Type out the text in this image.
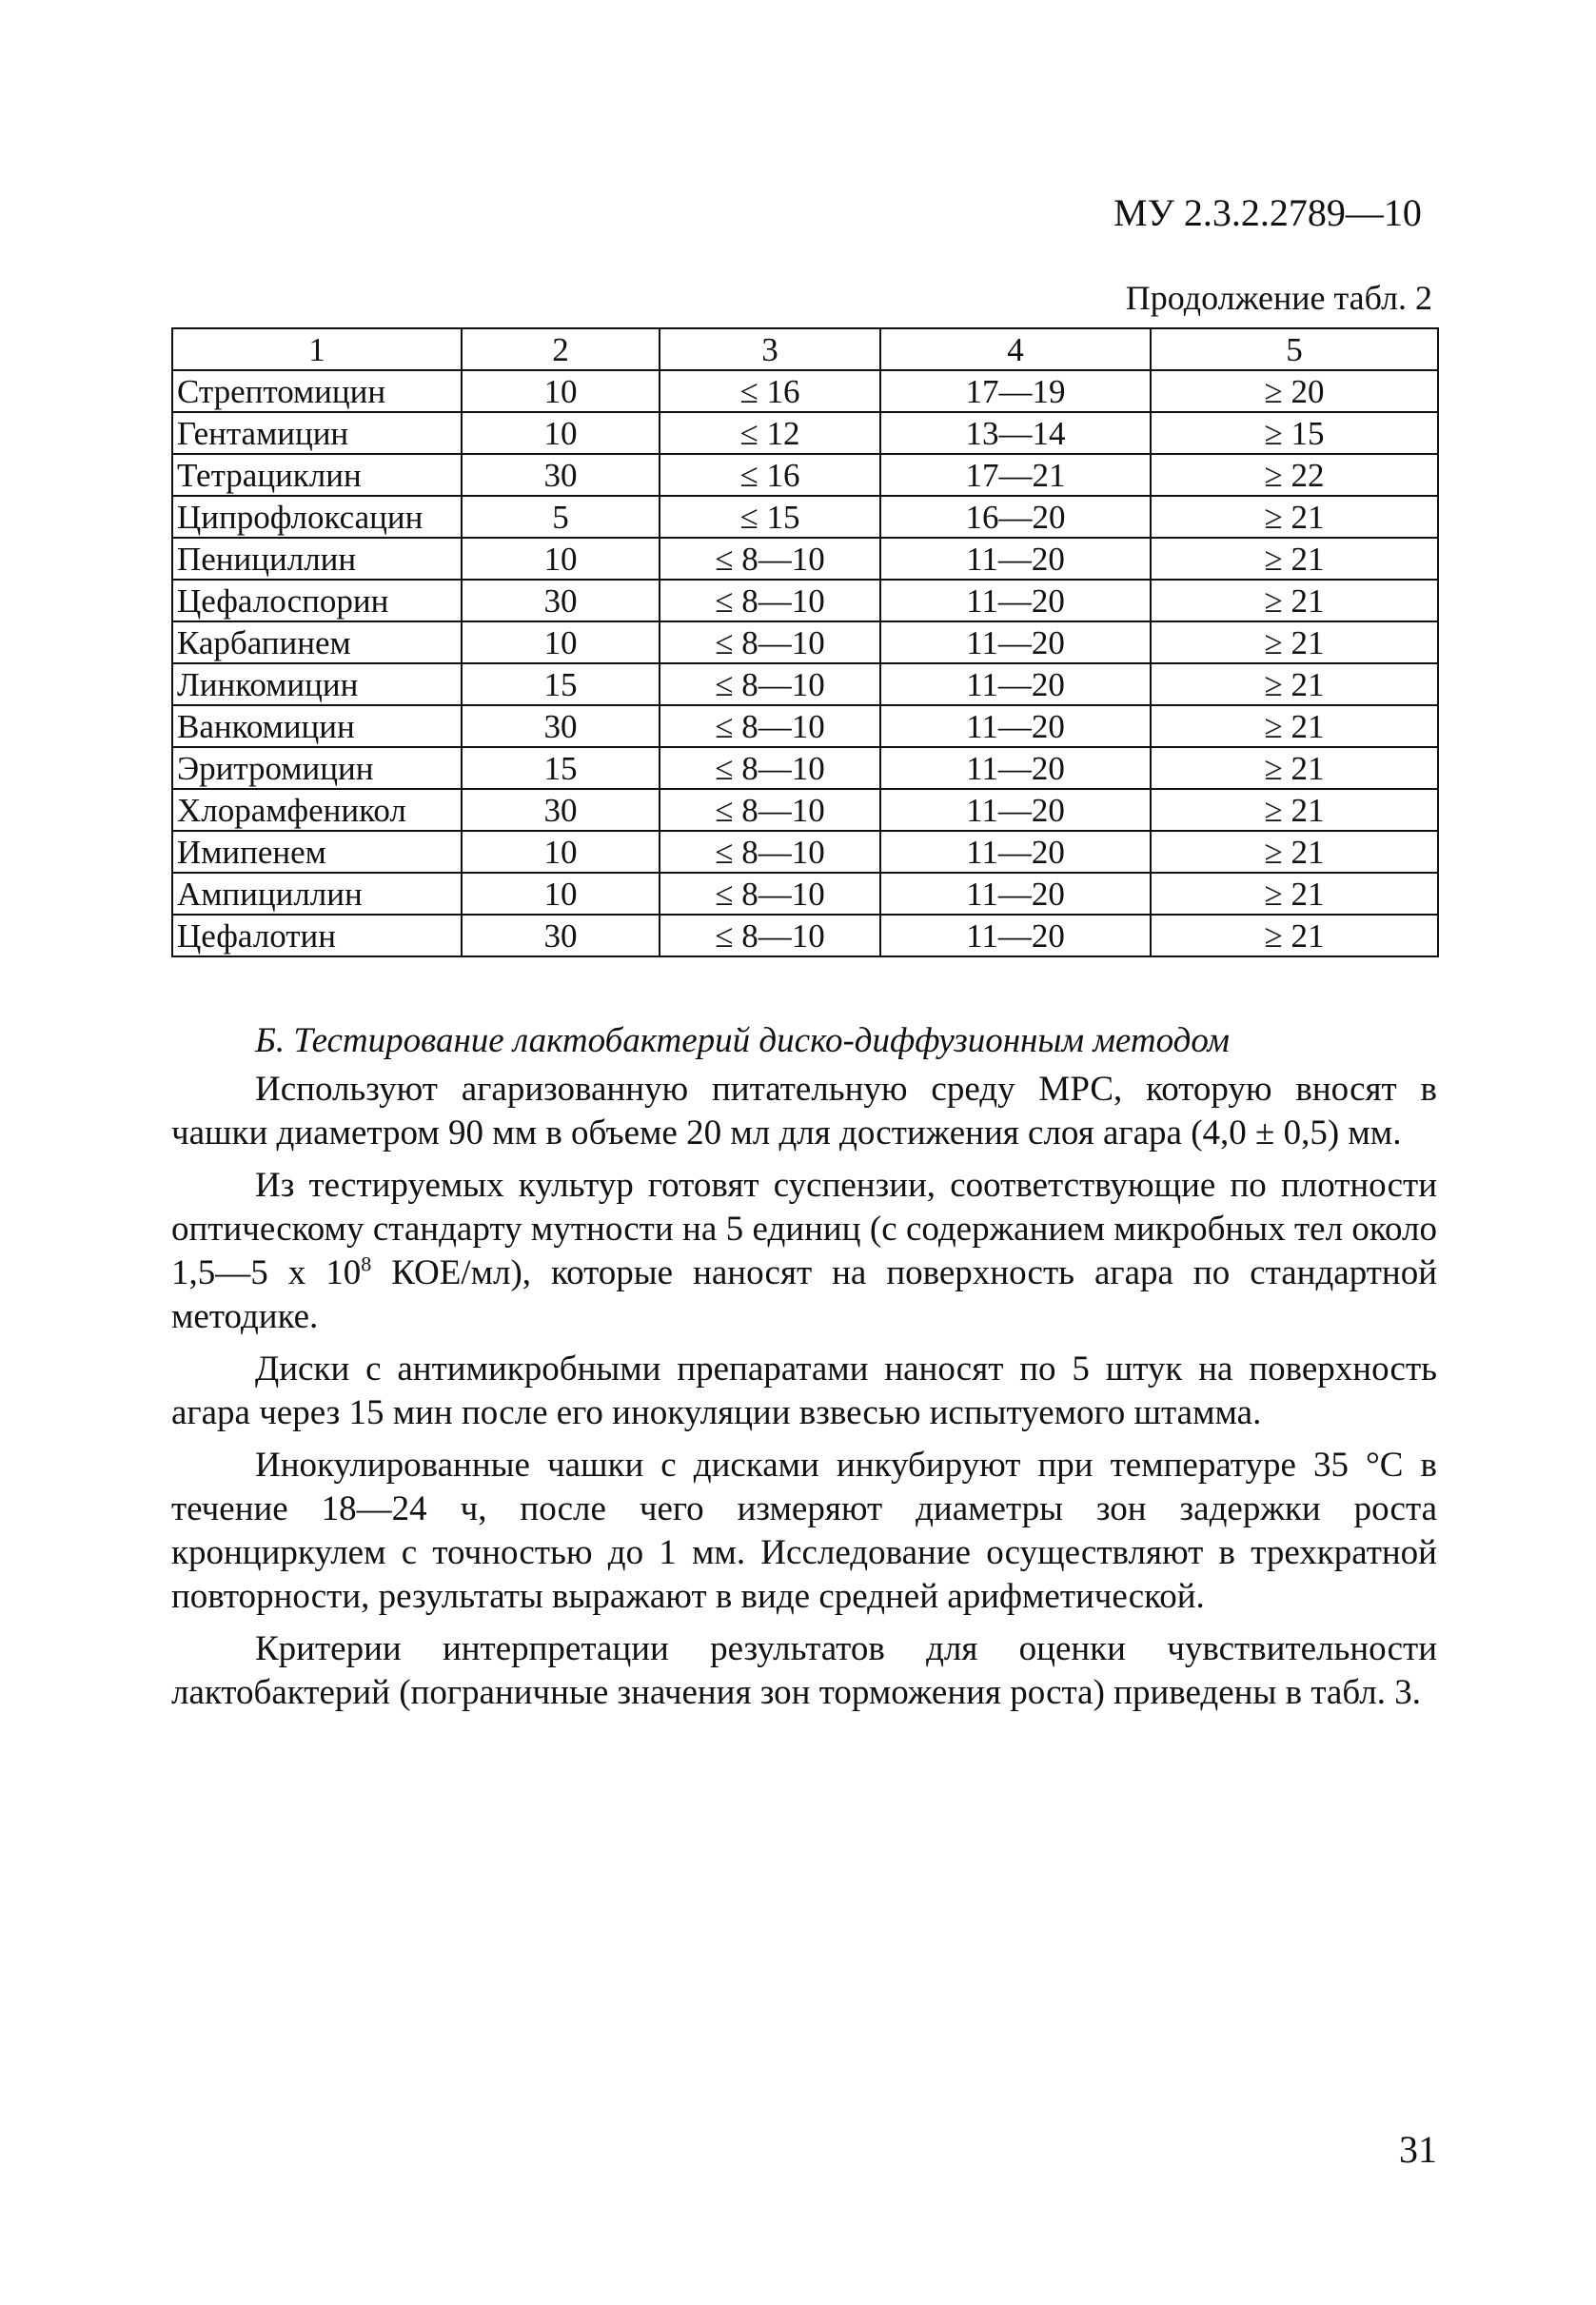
МУ 2.3.2.2789—10
Продолжение табл. 2
1	2	3	4	5
Стрептомицин	10	≤ 16	17—19	≥ 20
Гентамицин	10	≤ 12	13—14	≥ 15
Тетрациклин	30	≤ 16	17—21	≥ 22
Ципрофлоксацин	5	≤ 15	16—20	≥ 21
Пенициллин	10	≤ 8—10	11—20	≥ 21
Цефалоспорин	30	≤ 8—10	11—20	≥ 21
Карбапинем	10	≤ 8—10	11—20	≥ 21
Линкомицин	15	≤ 8—10	11—20	≥ 21
Ванкомицин	30	≤ 8—10	11—20	≥ 21
Эритромицин	15	≤ 8—10	11—20	≥ 21
Хлорамфеникол	30	≤ 8—10	11—20	≥ 21
Имипенем	10	≤ 8—10	11—20	≥ 21
Ампициллин	10	≤ 8—10	11—20	≥ 21
Цефалотин	30	≤ 8—10	11—20	≥ 21
Б. Тестирование лактобактерий диско-диффузионным методом

Используют агаризованную питательную среду МРС, которую вносят в чашки диаметром 90 мм в объеме 20 мл для достижения слоя агара (4,0 ± 0,5) мм.

Из тестируемых культур готовят суспензии, соответствующие по плотности оптическому стандарту мутности на 5 единиц (с содержанием микробных тел около 1,5—5 х $10^8$ КОЕ/мл), которые наносят на поверхность агара по стандартной методике.

Диски с антимикробными препаратами наносят по 5 штук на поверхность агара через 15 мин после его инокуляции взвесью испытуемого штамма.

Инокулированные чашки с дисками инкубируют при температуре 35 °С в течение 18—24 ч, после чего измеряют диаметры зон задержки роста кронциркулем с точностью до 1 мм. Исследование осуществляют в трехкратной повторности, результаты выражают в виде средней арифметической.

Критерии интерпретации результатов для оценки чувствительности лактобактерий (пограничные значения зон торможения роста) приведены в табл. 3.

31
